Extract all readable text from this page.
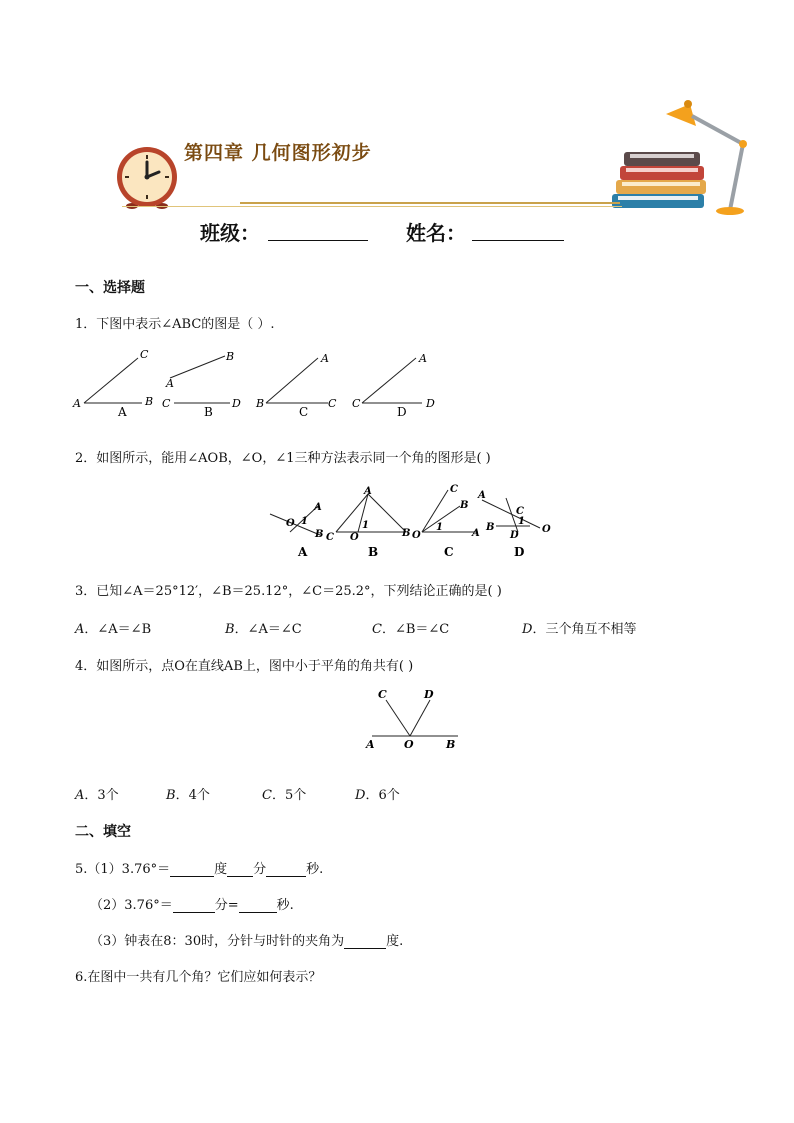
第四章 几何图形初步
班级：	姓名：
一、选择题
1．下图中表示∠ABC的图是（ ）.
C
A	B
A
B
A
C	D
B
A
B	C
C
A
C	D
D
2．如图所示，能用∠AOB，∠O，∠1三种方法表示同一个角的图形是( )
A
O
B
1
A
C O	B
1
C
B
O	A
1
A
C
B
D
O
1
A	B	C	D
3．已知∠A＝25°12′，∠B＝25.12°，∠C＝25.2°，下列结论正确的是( )
A．∠A＝∠B	B．∠A＝∠C	C．∠B＝∠C	D．三个角互不相等
4．如图所示，点O在直线AB上，图中小于平角的角共有( )
C	D
A	O	B
A．3个	B．4个	C．5个	D．6个
二、填空
5.（1）3.76°＝	度 分	秒.
（2）3.76°＝	分=	秒.
（3）钟表在8：30时，分针与时针的夹角为	度.
6.在图中一共有几个角？它们应如何表示？
